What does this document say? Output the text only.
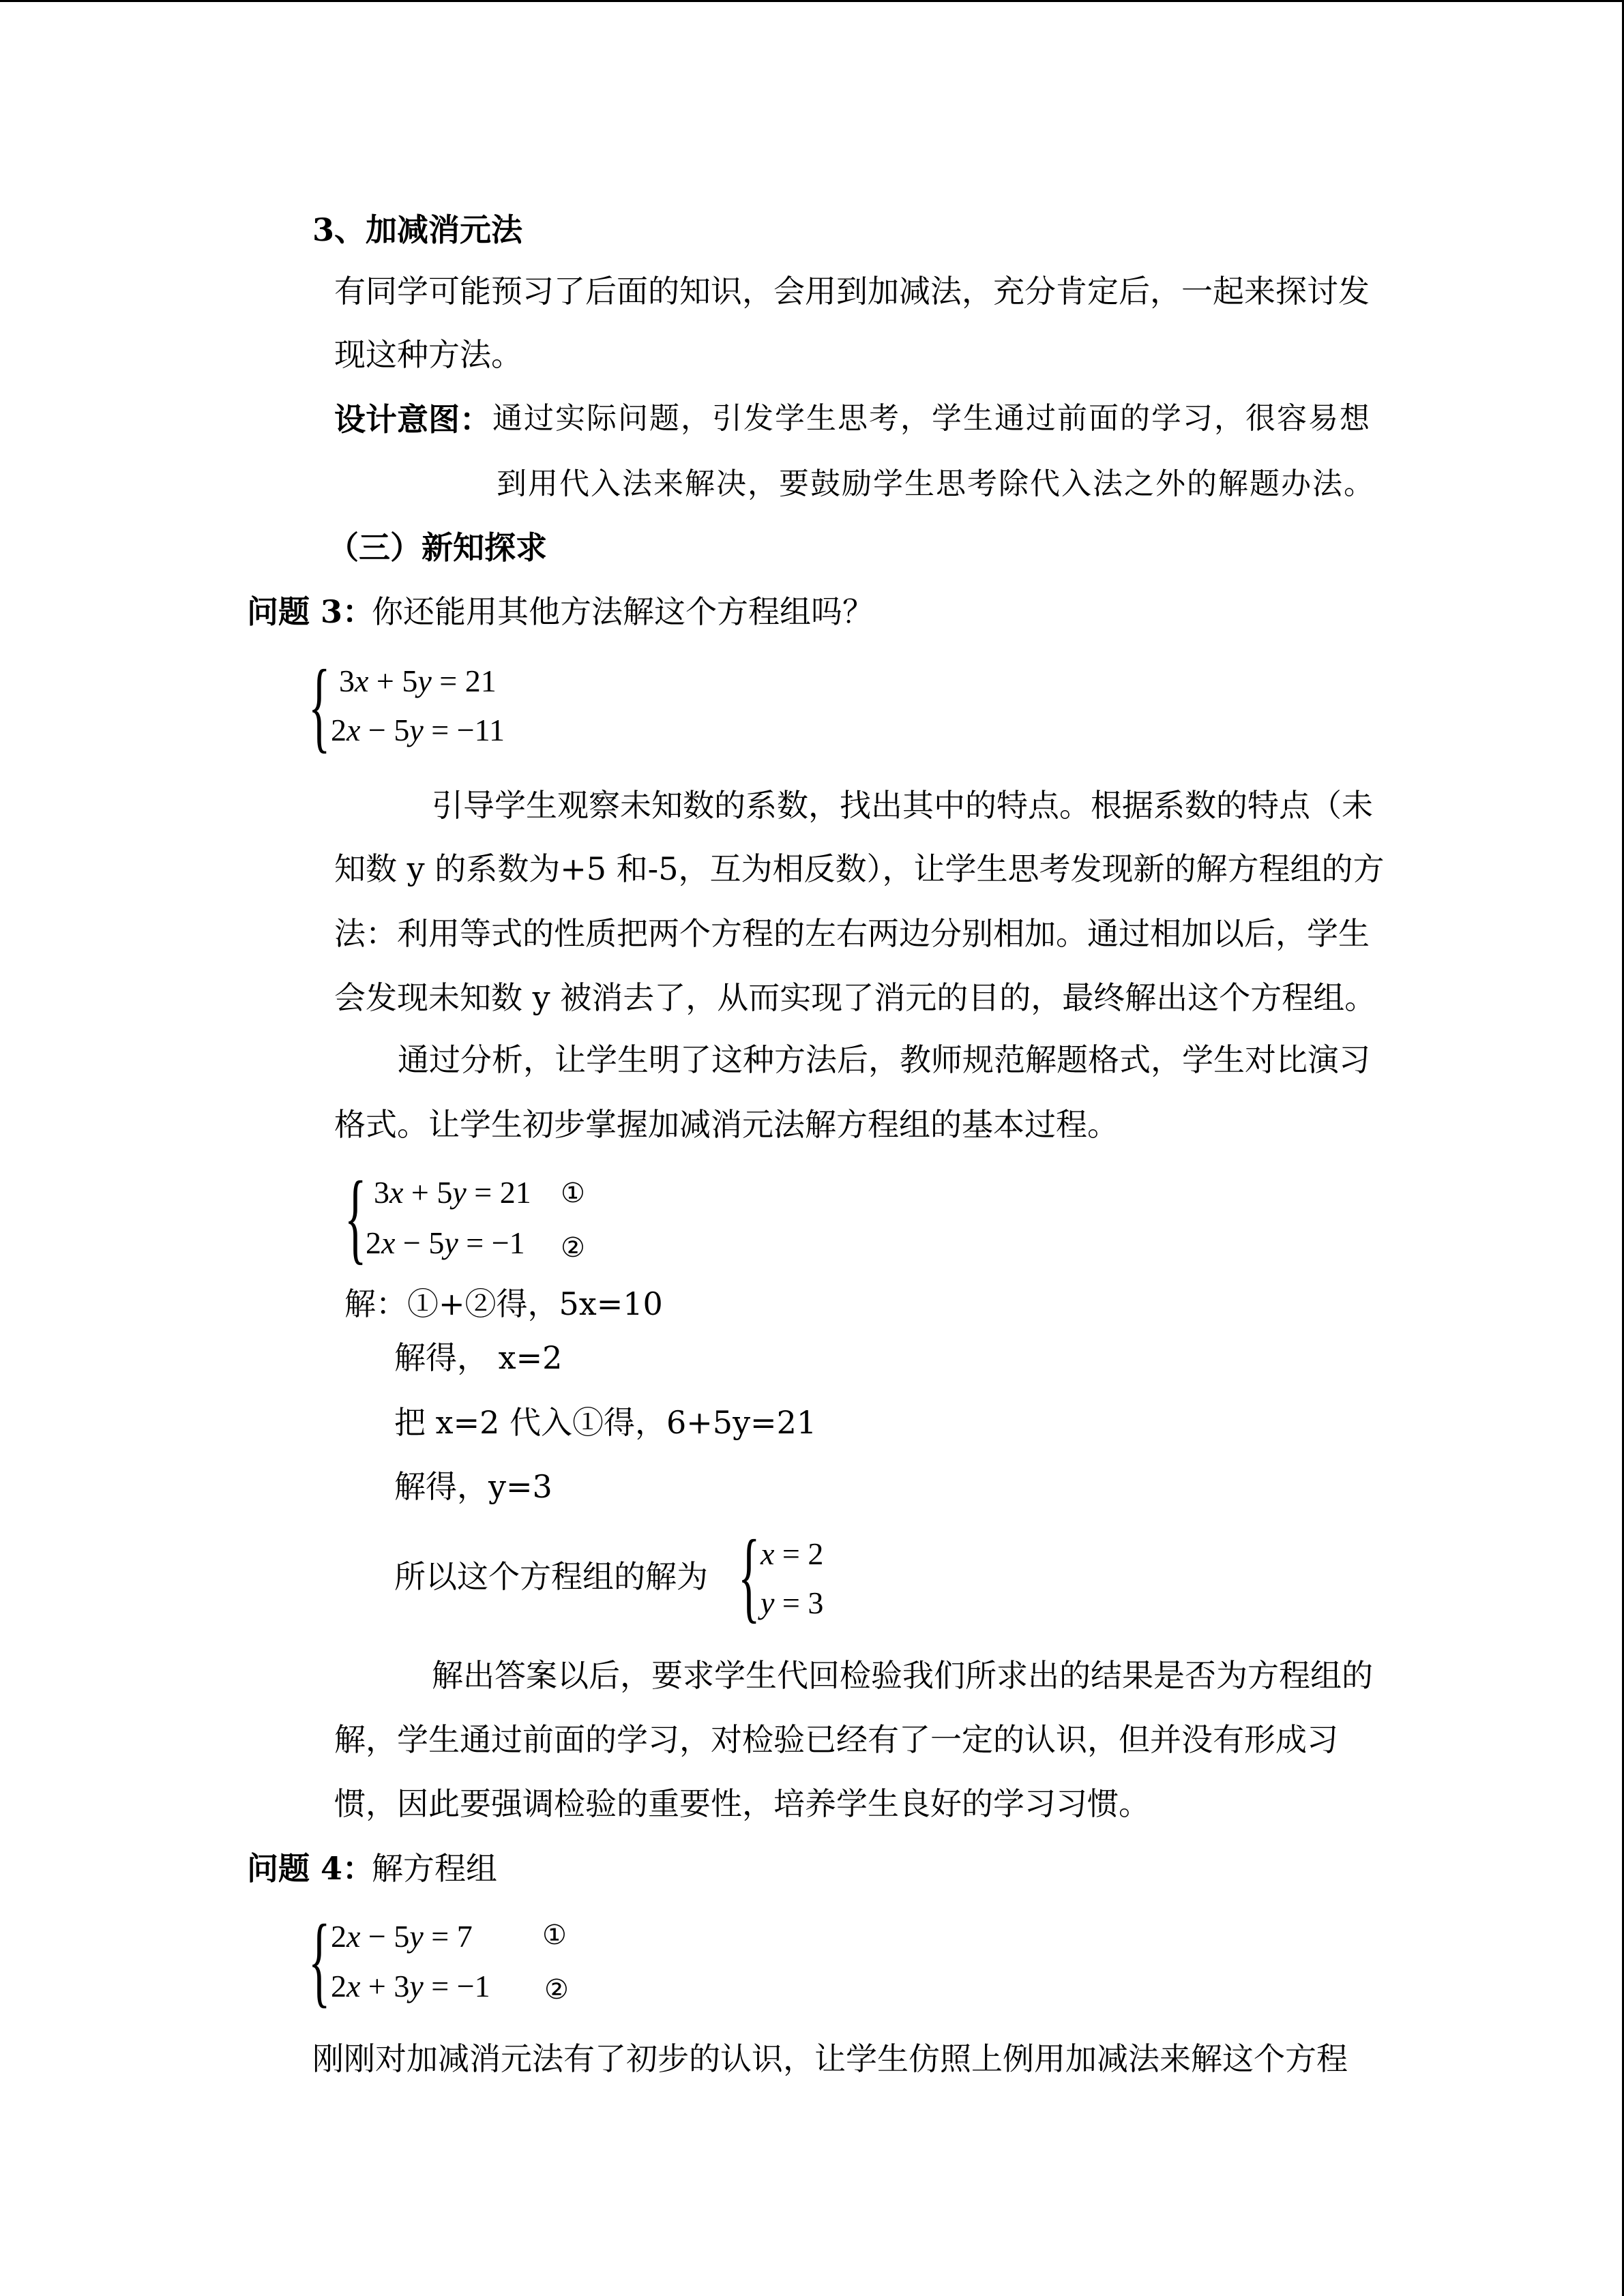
3、加减消元法
有同学可能预习了后面的知识，会用到加减法，充分肯定后，一起来探讨发
现这种方法。
设计意图： 通过实际问题，引发学生思考，学生通过前面的学习，很容易想
到用代入法来解决，要鼓励学生思考除代入法之外的解题办法。
（三）新知探求
问题 3：
你还能用其他方法解这个方程组吗？
{ 3x + 5y = 21
2x − 5y = −11
引导学生观察未知数的系数，找出其中的特点。根据系数的特点（未
知数 y 的系数为+5 和-5，互为相反数），让学生思考发现新的解方程组的方
法：利用等式的性质把两个方程的左右两边分别相加。通过相加以后，学生
会发现未知数 y 被消去了，从而实现了消元的目的，最终解出这个方程组。
通过分析，让学生明了这种方法后，教师规范解题格式，学生对比演习
格式。让学生初步掌握加减消元法解方程组的基本过程。
{ 3x + 5y = 21
2x − 5y = −1
①
②
解：①+②得，5x=10
解得， x=2
把 x=2 代入①得，6+5y=21
解得，y=3
所以这个方程组的解为 { x = 2
y = 3
解出答案以后，要求学生代回检验我们所求出的结果是否为方程组的
解，学生通过前面的学习，对检验已经有了一定的认识，但并没有形成习
惯，因此要强调检验的重要性，培养学生良好的学习习惯。
问题 4：
解方程组
{ 2x − 5y = 7
2x + 3y = −1
①
②
刚刚对加减消元法有了初步的认识，让学生仿照上例用加减法来解这个方程
